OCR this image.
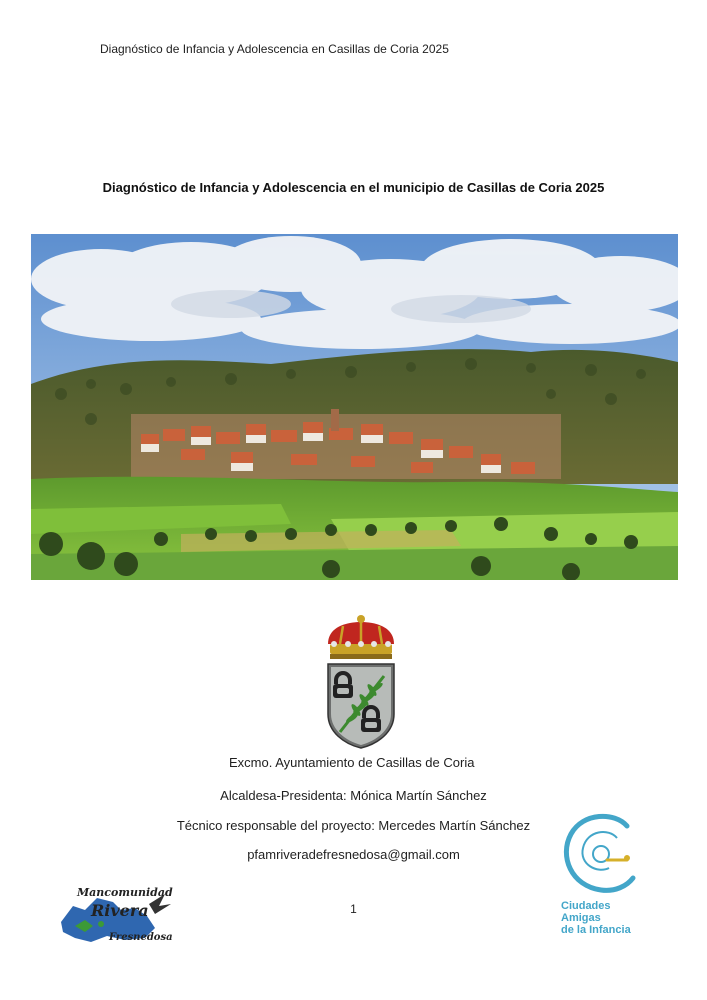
Diagnóstico de Infancia y Adolescencia en Casillas de Coria 2025
Diagnóstico de Infancia y Adolescencia en el municipio de Casillas de Coria 2025
Excmo. Ayuntamiento de Casillas de Coria
Alcaldesa-Presidenta: Mónica Martín Sánchez
Técnico responsable del proyecto: Mercedes Martín Sánchez
pfamriveradefresnedosa@gmail.com
1
Mancomunidad
Rivera
Fresnedosa
Ciudades
Amigas
de la Infancia
